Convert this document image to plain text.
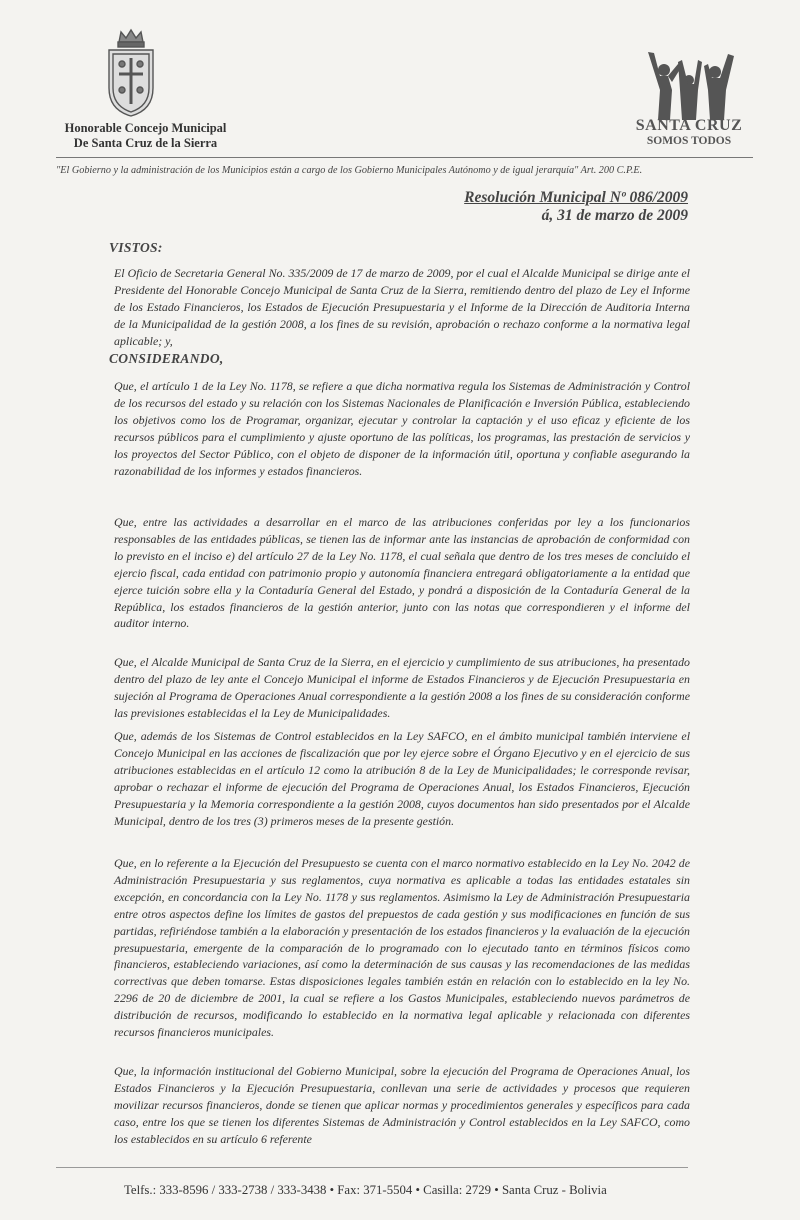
Honorable Concejo Municipal
De Santa Cruz de la Sierra
SANTA CRUZ
SOMOS TODOS
"El Gobierno y la administración de los Municipios están a cargo de los Gobierno Municipales Autónomo y de igual jerarquía" Art. 200 C.P.E.
Resolución Municipal Nº 086/2009
á, 31 de marzo de 2009
VISTOS:
El Oficio de Secretaria General No. 335/2009 de 17 de marzo de 2009, por el cual el Alcalde Municipal se dirige ante el Presidente del Honorable Concejo Municipal de Santa Cruz de la Sierra, remitiendo dentro del plazo de Ley el Informe de los Estado Financieros, los Estados de Ejecución Presupuestaria y el Informe de la Dirección de Auditoria Interna de la Municipalidad de la gestión 2008, a los fines de su revisión, aprobación o rechazo conforme a la normativa legal aplicable; y,
CONSIDERANDO,
Que, el artículo 1 de la Ley No. 1178, se refiere a que dicha normativa regula los Sistemas de Administración y Control de los recursos del estado y su relación con los Sistemas Nacionales de Planificación e Inversión Pública, estableciendo los objetivos como los de Programar, organizar, ejecutar y controlar la captación y el uso eficaz y eficiente de los recursos públicos para el cumplimiento y ajuste oportuno de las políticas, los programas, las prestación de servicios y los proyectos del Sector Público, con el objeto de disponer de la información útil, oportuna y confiable asegurando la razonabilidad de los informes y estados financieros.
Que, entre las actividades a desarrollar en el marco de las atribuciones conferidas por ley a los funcionarios responsables de las entidades públicas, se tienen las de informar ante las instancias de aprobación de conformidad con lo previsto en el inciso e) del artículo 27 de la Ley No. 1178, el cual señala que dentro de los tres meses de concluido el ejercio fiscal, cada entidad con patrimonio propio y autonomía financiera entregará obligatoriamente a la entidad que ejerce tuición sobre ella y la Contaduría General del Estado, y pondrá a disposición de la Contaduría General de la República, los estados financieros de la gestión anterior, junto con las notas que correspondieren y el informe del auditor interno.
Que, el Alcalde Municipal de Santa Cruz de la Sierra, en el ejercicio y cumplimiento de sus atribuciones, ha presentado dentro del plazo de ley ante el Concejo Municipal el informe de Estados Financieros y de Ejecución Presupuestaria en sujeción al Programa de Operaciones Anual correspondiente a la gestión 2008 a los fines de su consideración conforme las previsiones establecidas el la Ley de Municipalidades.
Que, además de los Sistemas de Control establecidos en la Ley SAFCO, en el ámbito municipal también interviene el Concejo Municipal en las acciones de fiscalización que por ley ejerce sobre el Órgano Ejecutivo y en el ejercicio de sus atribuciones establecidas en el artículo 12 como la atribución 8 de la Ley de Municipalidades; le corresponde revisar, aprobar o rechazar el informe de ejecución del Programa de Operaciones Anual, los Estados Financieros, Ejecución Presupuestaria y la Memoria correspondiente a la gestión 2008, cuyos documentos han sido presentados por el Alcalde Municipal, dentro de los tres (3) primeros meses de la presente gestión.
Que, en lo referente a la Ejecución del Presupuesto se cuenta con el marco normativo establecido en la Ley No. 2042 de Administración Presupuestaria y sus reglamentos, cuya normativa es aplicable a todas las entidades estatales sin excepción, en concordancia con la Ley No. 1178 y sus reglamentos. Asimismo la Ley de Administración Presupuestaria entre otros aspectos define los límites de gastos del prepuestos de cada gestión y sus modificaciones en función de sus partidas, refiriéndose también a la elaboración y presentación de los estados financieros y la evaluación de la ejecución presupuestaria, emergente de la comparación de lo programado con lo ejecutado tanto en términos físicos como financieros, estableciendo variaciones, así como la determinación de sus causas y las recomendaciones de las medidas correctivas que deben tomarse. Estas disposiciones legales también están en relación con lo establecido en la ley No. 2296 de 20 de diciembre de 2001, la cual se refiere a los Gastos Municipales, estableciendo nuevos parámetros de distribución de recursos, modificando lo establecido en la normativa legal aplicable y relacionada con diferentes recursos financieros municipales.
Que, la información institucional del Gobierno Municipal, sobre la ejecución del Programa de Operaciones Anual, los Estados Financieros y la Ejecución Presupuestaria, conllevan una serie de actividades y procesos que requieren movilizar recursos financieros, donde se tienen que aplicar normas y procedimientos generales y específicos para cada caso, entre los que se tienen los diferentes Sistemas de Administración y Control establecidos en la Ley SAFCO, como los establecidos en su artículo 6 referente
Telfs.: 333-8596 / 333-2738 / 333-3438 • Fax: 371-5504 • Casilla: 2729 • Santa Cruz - Bolivia
